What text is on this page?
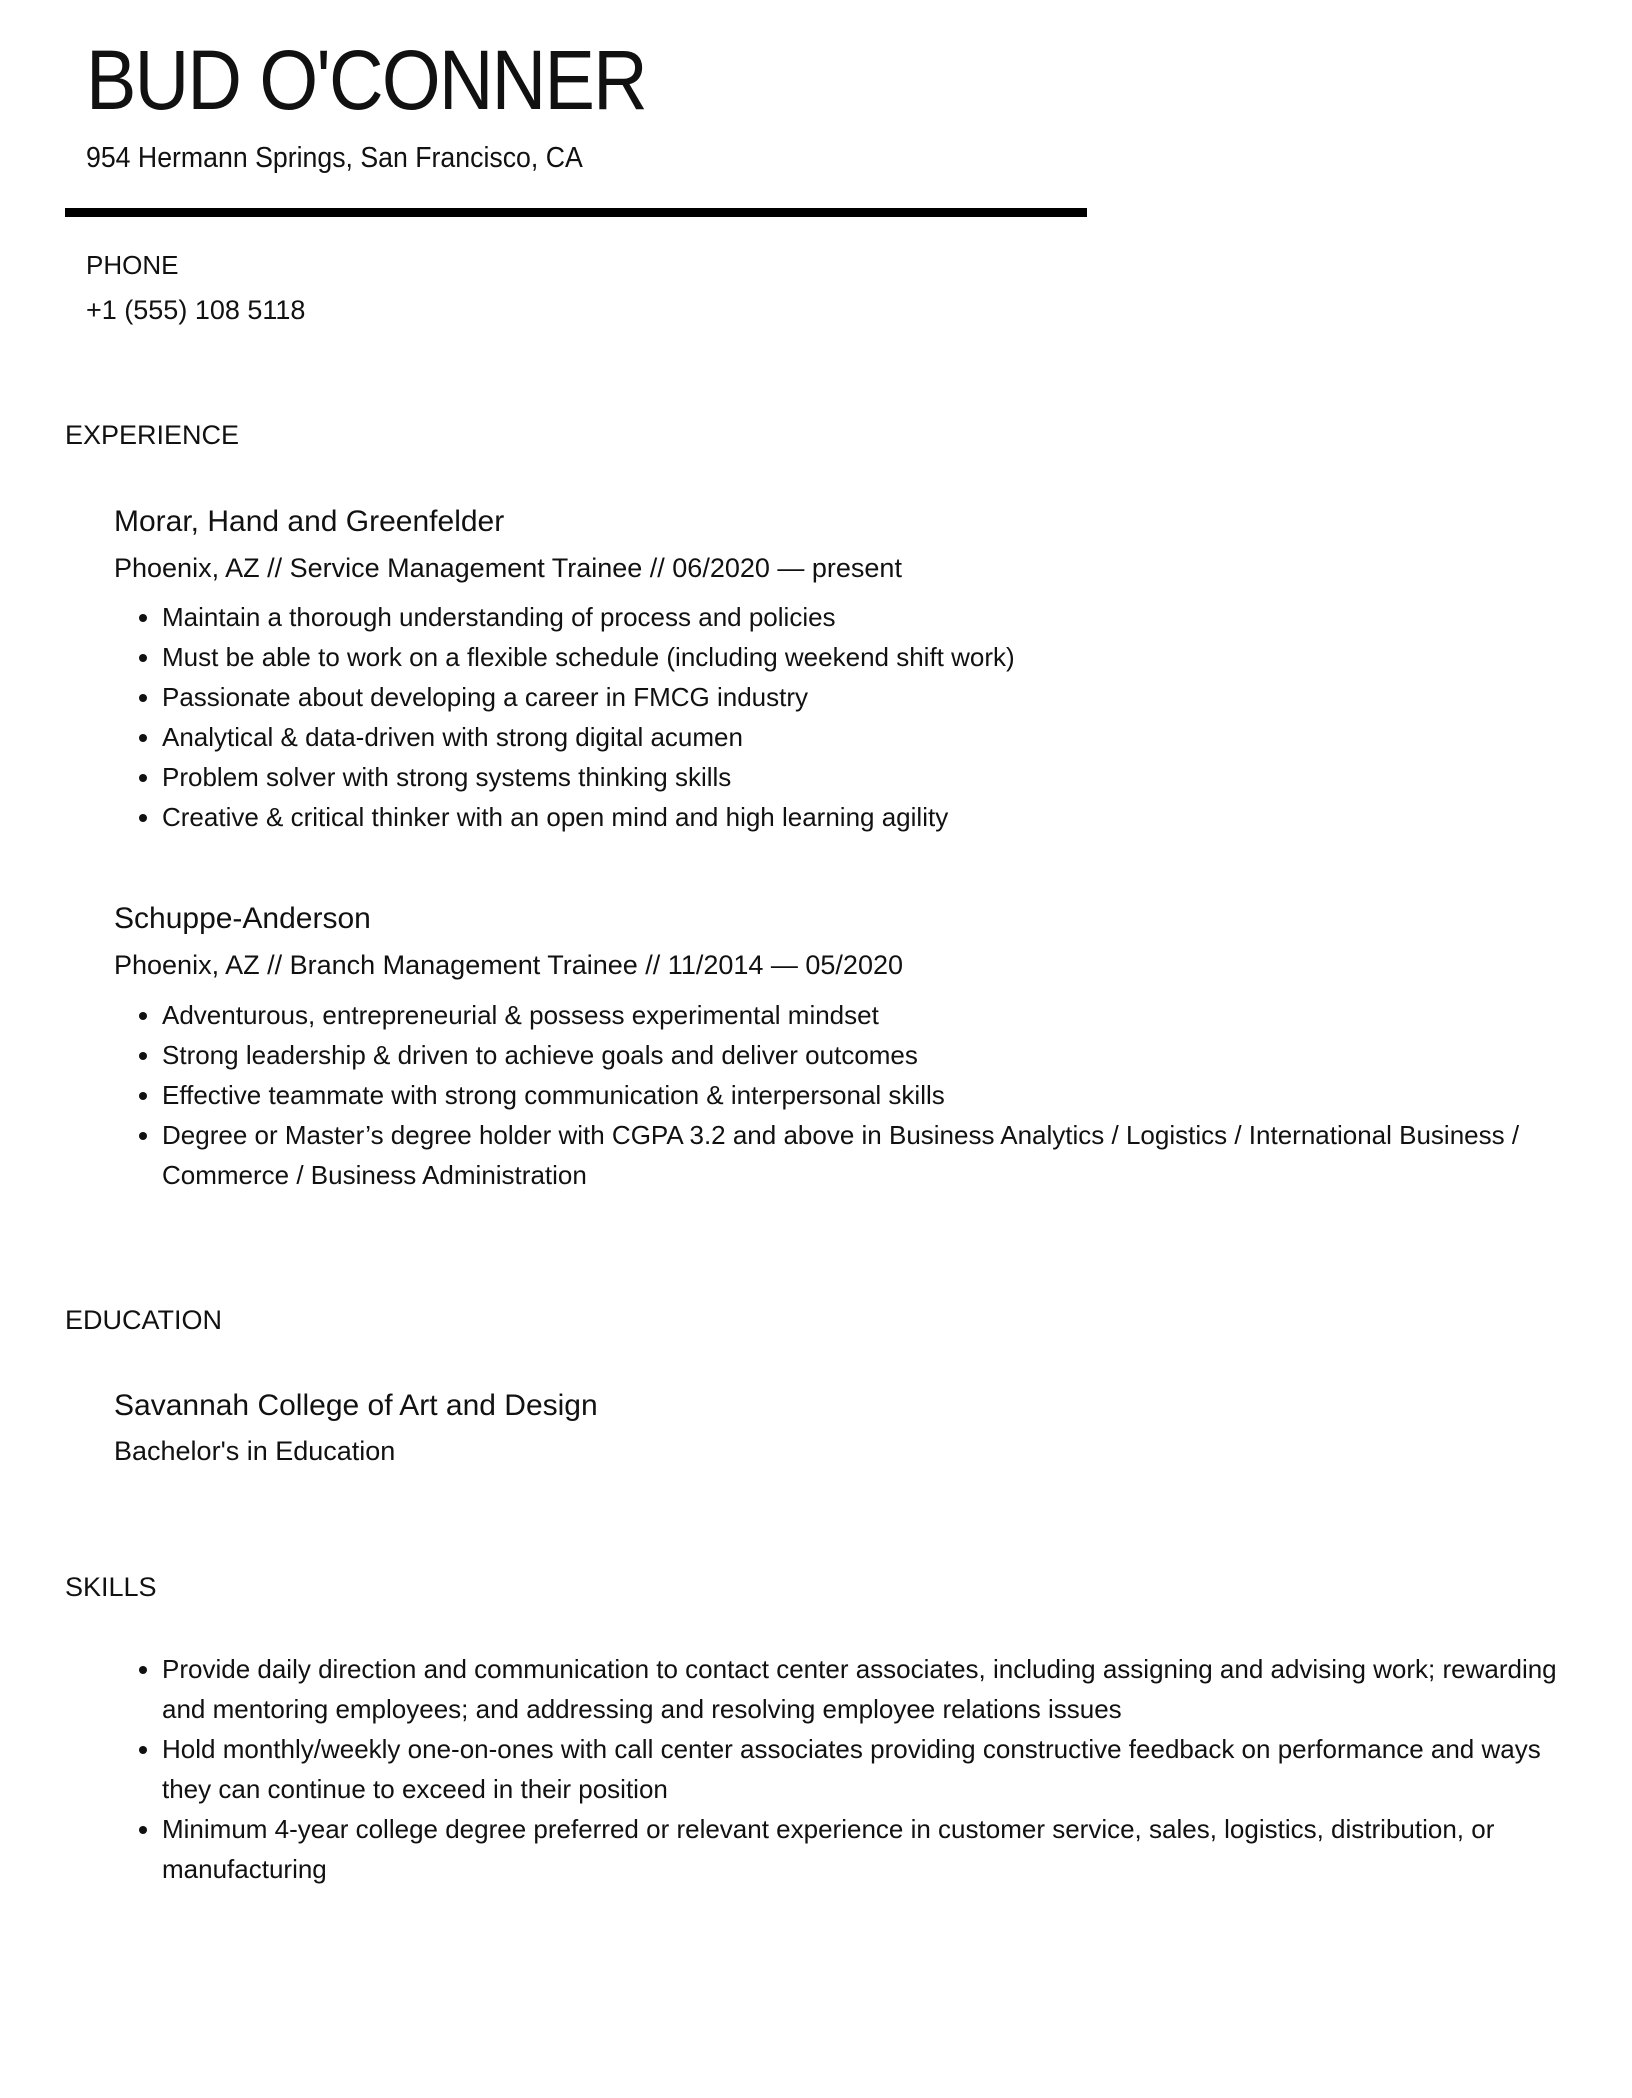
BUD O'CONNER
954 Hermann Springs, San Francisco, CA
PHONE
+1 (555) 108 5118
EXPERIENCE
Morar, Hand and Greenfelder
Phoenix, AZ // Service Management Trainee // 06/2020 — present
• Maintain a thorough understanding of process and policies
• Must be able to work on a flexible schedule (including weekend shift work)
• Passionate about developing a career in FMCG industry
• Analytical & data-driven with strong digital acumen
• Problem solver with strong systems thinking skills
• Creative & critical thinker with an open mind and high learning agility
Schuppe-Anderson
Phoenix, AZ // Branch Management Trainee // 11/2014 — 05/2020
• Adventurous, entrepreneurial & possess experimental mindset
• Strong leadership & driven to achieve goals and deliver outcomes
• Effective teammate with strong communication & interpersonal skills
• Degree or Master’s degree holder with CGPA 3.2 and above in Business Analytics / Logistics / International Business / Commerce / Business Administration
EDUCATION
Savannah College of Art and Design
Bachelor's in Education
SKILLS
• Provide daily direction and communication to contact center associates, including assigning and advising work; rewarding and mentoring employees; and addressing and resolving employee relations issues
• Hold monthly/weekly one-on-ones with call center associates providing constructive feedback on performance and ways they can continue to exceed in their position
• Minimum 4-year college degree preferred or relevant experience in customer service, sales, logistics, distribution, or manufacturing
